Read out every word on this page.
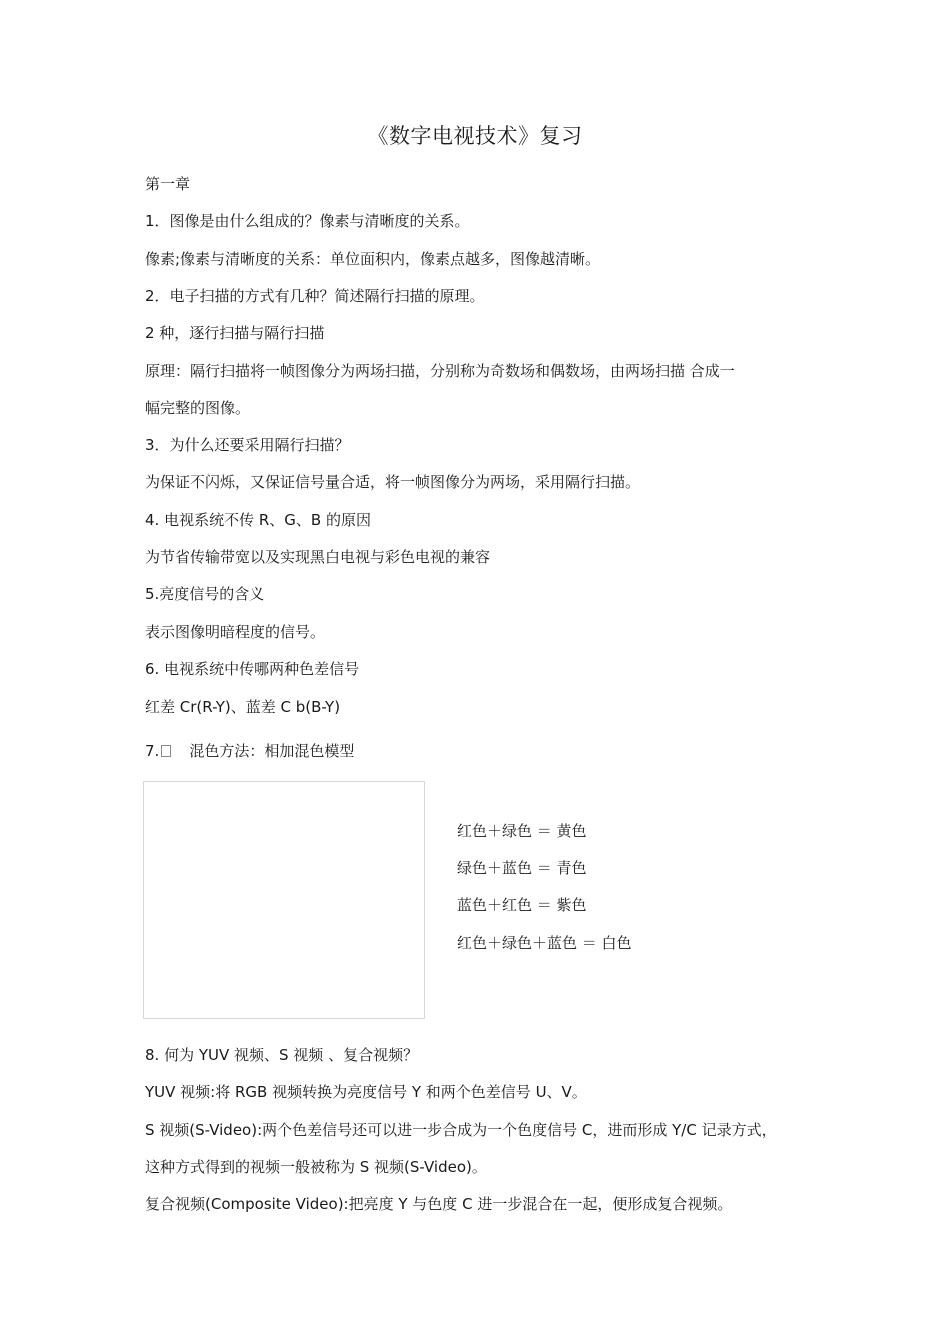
《数字电视技术》复习
第一章
1．图像是由什么组成的？像素与清晰度的关系。
像素;像素与清晰度的关系：单位面积内，像素点越多，图像越清晰。
2．电子扫描的方式有几种？简述隔行扫描的原理。
2 种，逐行扫描与隔行扫描
原理：隔行扫描将一帧图像分为两场扫描，分别称为奇数场和偶数场，由两场扫描 合成一
幅完整的图像。
3．为什么还要采用隔行扫描？
为保证不闪烁，又保证信号量合适，将一帧图像分为两场，采用隔行扫描。
4. 电视系统不传 R、G、B 的原因
为节省传输带宽以及实现黑白电视与彩色电视的兼容
5.亮度信号的含义
表示图像明暗程度的信号。
6. 电视系统中传哪两种色差信号
红差 Cr(R-Y)、蓝差 C b(B-Y)
7. 混色方法：相加混色模型
红色＋绿色 ＝ 黄色
绿色＋蓝色 ＝ 青色
蓝色＋红色 ＝ 紫色
红色＋绿色＋蓝色 ＝ 白色
8. 何为 YUV 视频、S 视频 、复合视频？
YUV 视频:将 RGB 视频转换为亮度信号 Y 和两个色差信号 U、V。
S 视频(S-Video):两个色差信号还可以进一步合成为一个色度信号 C，进而形成 Y/C 记录方式，
这种方式得到的视频一般被称为 S 视频(S-Video)。
复合视频(Composite Video):把亮度 Y 与色度 C 进一步混合在一起，便形成复合视频。
